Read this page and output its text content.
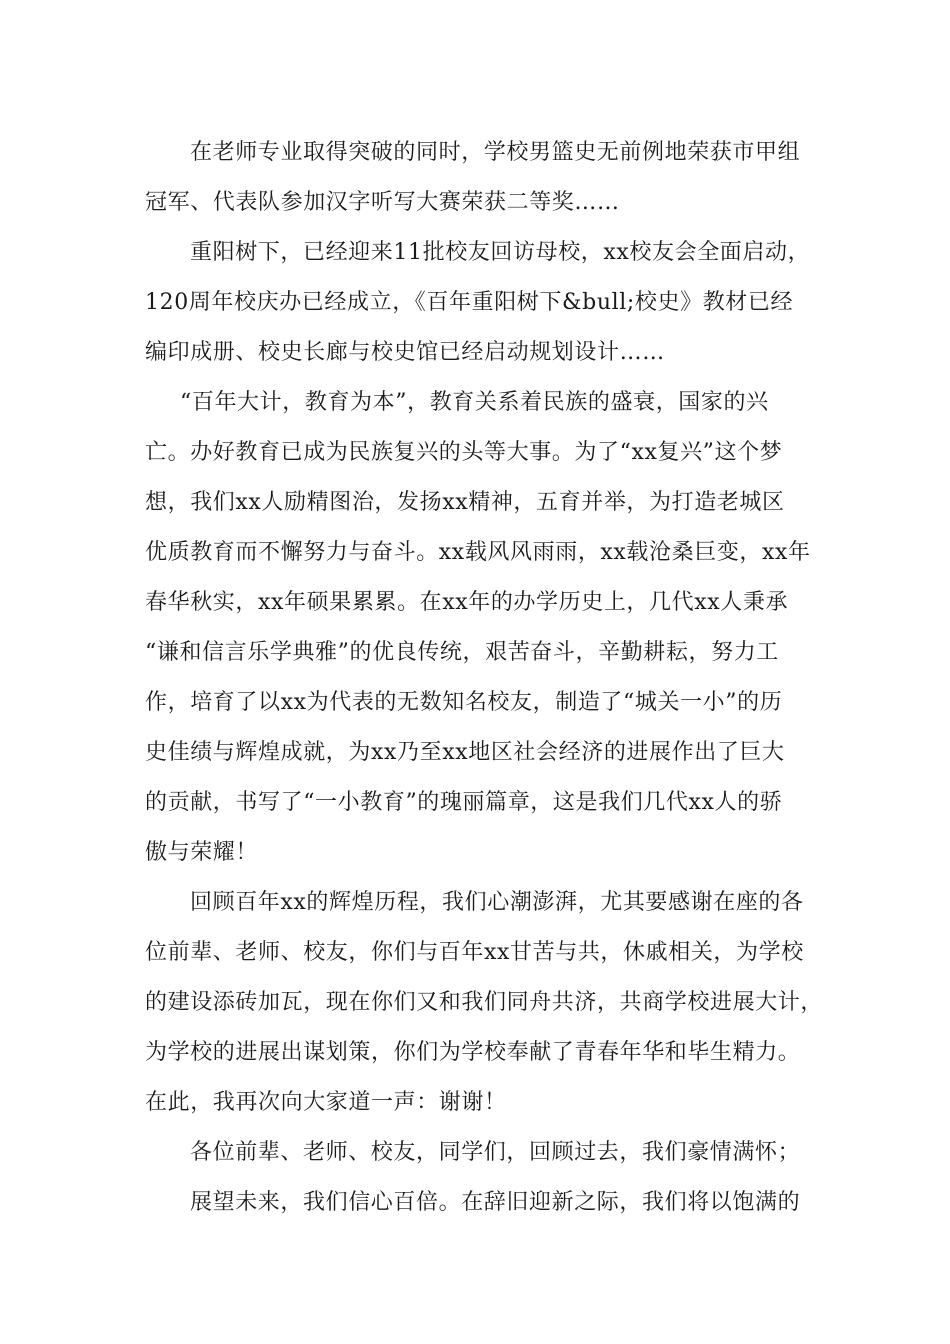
在老师专业取得突破的同时，学校男篮史无前例地荣获市甲组
冠军、代表队参加汉字听写大赛荣获二等奖……
重阳树下，已经迎来11批校友回访母校，xx校友会全面启动，
120周年校庆办已经成立，《百年重阳树下&bull;校史》教材已经
编印成册、校史长廊与校史馆已经启动规划设计……
“百年大计，教育为本”，教育关系着民族的盛衰，国家的兴
亡。办好教育已成为民族复兴的头等大事。为了“xx复兴”这个梦
想，我们xx人励精图治，发扬xx精神，五育并举，为打造老城区
优质教育而不懈努力与奋斗。xx载风风雨雨，xx载沧桑巨变，xx年
春华秋实，xx年硕果累累。在xx年的办学历史上，几代xx人秉承
“谦和信言乐学典雅”的优良传统，艰苦奋斗，辛勤耕耘，努力工
作，培育了以xx为代表的无数知名校友，制造了“城关一小”的历
史佳绩与辉煌成就，为xx乃至xx地区社会经济的进展作出了巨大
的贡献，书写了“一小教育”的瑰丽篇章，这是我们几代xx人的骄
傲与荣耀！
回顾百年xx的辉煌历程，我们心潮澎湃，尤其要感谢在座的各
位前辈、老师、校友，你们与百年xx甘苦与共，休戚相关，为学校
的建设添砖加瓦，现在你们又和我们同舟共济，共商学校进展大计，
为学校的进展出谋划策，你们为学校奉献了青春年华和毕生精力。
在此，我再次向大家道一声：谢谢！
各位前辈、老师、校友，同学们，回顾过去，我们豪情满怀；
展望未来，我们信心百倍。在辞旧迎新之际，我们将以饱满的
